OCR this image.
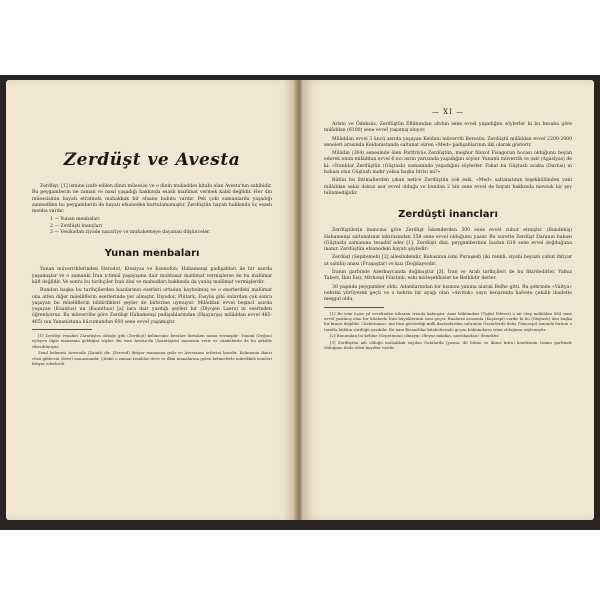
Zerdüşt ve Avesta

Zerdüşt, [1] ismine izafe edilen dinin müessisi ve o dinin mukaddes kitabı olan Avesta'nın sahibidir. Bu peygamberin ne zaman ve nasıl yaşadığı hakkında esaslı malûmat vermek kabil değildir. Her din müessisinin hayatı etrafında muhakkak bir efsane bulutu vardır. Pek çoki zamanlarda yaşadığı zannedilen bu peygamberin de hayatı efsaneden kurtulamamıştır. Zerdüştün hayatı hakkında üç esaslı menba vardır.

1 — Yunan menbaları
2 — Zerdüşti inançları
3 — Vesikadan ziyade nazariye ve muhakemeye dayanan düşünceler.
Yunan menbaları

Yunan müverrihlerinden Herodot, Ktesiyas ve Ksenofon; Hahamenşi padişahları ile bir asırda yaşamışlar ve o zamanki İran ictimaî yaşayışına dair muhtasar malûmat vermişlerse de bu malûmat kâfi değildir. Ve sonra bu tarihçiler İran dini ve mabudları hakkında da yanlış malûmat vermişlerdir.

Bundan başka bu tarihçilerden bazılarının eserleri ortadan kaybolmuş ve o eserlerdeki malûmat ona atfen diğer müelliflerin eserlerinde yer almıştır. Diyodor, Plütark, Fasyüs gibi onlardan çok sonra yaşayan bu müelliflerin bildirdikleri şeyler de birbirine uymuyor. Milâddan evvel beşinci asırda yaşayan (Ksantus) un (Ksanthus) [a] lara dair yazdığı şeyleri bir (Diyojen Laers) in eserinden öğreniyoruz. Bu müverrihe göre Zerdüşt Hahamenşi padişahlarından (Hşayarşa) milâddan evvel 485-465) nın Yunanistana hücumundan 600 sene evvel yaşamıştır.

[1] Zerdüşt veyahut Zaratüştra olduğu gibi (Zerdüşt) kelimesine beraber birtakım mana vermişdir: Yunani (Değon) eyleyen ilgisi manasına geldiğini söyler. Bu isim Avesta'da (Zaratüştra) manasını verir ve cümlelerde de bu şekilde zikredilmiştir.

Zend kelimesi Avestada (Zainti) dir. (Zerend) ihtiyar manasına gelir ve Avestanın tefsirini havidir. Kelimenin ikinci cüzü gibbesin (deve) manasınadır. Çünkü o zaman Iranlılar deve ve ilkin manalarına gelen kelimelerle mürekkeb isimleri ihtiyar ederlerdi.

— XI —

Aristo ve Ödoksüs, Zerdüştün Eflâtundan altıbin sene evvel yaşadığını söylerler ki bu hesaba göre milâddan (6100) sene evvel yaşamış oluyor.

Milâddan evvel 3 üncü asırda yaşayan Keldani müverrih Berosüs; Zerdüştü milâddan evvel 2200-2000 seneleri arasında Keldanistanda saltanat süren «Med» padişahlarının ilki olarak gösterir.

Milâdın (304) senesinde ölen Porfiriyüs Zerdüştün, meşhur filozof Fisagorun hocası olduğunu beyan ederek onun milâddan evvel 6 ncı asrın yarısında yaşadığını söyler. Yunanlı müverrih ve şair (Agasiyas) de ki: «İranlılar Zerdüştün (Güştasb) zamanında yaşadığını söylerler. Fakat bu Güştasb acaba (Darius) ın babası olan Güştasb mıdır yoksa başka birisi mi?»

Bütün bu ihtimallerden çıkan netice Zerdüştün çok eski, «Med» saltanatının teşekkülünden yani milâddan sekiz dokuz asır evvel olduğu ve bundan 2 bin sene evvel de hayatı hakkında mevsuk bir şey bilinmediğidir.

Zerdüşti inancları

Zerdüştilerin inancına göre Zerdüşt İskenderden 300 sene evvel zuhur etmiştir. (Bundehiş) Hahamenşi saltanatının inkırazından 258 sene evvel olduğunu yazar. Bu surette Zerdüşt Daranın babası (Güştasb) zamanına tesadüf eder [1]. Zerdüşti dini, peygamberinin İsadan 618 sene evvel doğduğuna inanır. Zerdüştün efsanedeki hayatı şöyledir:

Zerdüşt (Sepitemeh) [2] ailesindendir. Babasının ismi Puruşesb (iki renkli, siyahi beyazlı yahut ihtiyar at sahibi) anası (Fraşaştar) ve kızı (Doğdaye)dir.

İranın garbinde Azerbaycanda doğmuştur [3]. İran ve Arab tarihçileri de bu fikirdedirler. Yalnız Taberi, İbni Esir, Mirhond Filistinli, eski müteşebbisler ke Belhlidir derler.

30 yaşında peygamber oldu. Adamlarından bir kısmını yanına alarak Belhe gitti. Bu şehrinde «Vaitya» nehrini yürüyerek geçti ve o nehrin bir ayağı olan «Aivitak» suyu kenarında halvete çekilib ibadetle meşgul oldu.

[1] Bu isim üçün yıl evvelinden itibaren İranda kalmıştır. Asırı hükümdarı (Tiglat Pileser) a ait olup milâddan 884 sene evvel yazılmış olan bir kitabede İran büyüklerinin ismi geçer. Bunların arasında (Kuştaspi) vardır ki bu (Güştasb) dan başka bir kimse değildir. «Zafername» nin bize gösterdiği milli dastanlardan sahranur Gaznelerde daha (Vamsepi) isminde birinin o tarafta hükûm sürdüğü yazılıdır. Bu nam Bizanslılar kitabelerinde geçen hükümdarın isimi olduğunu söylemiştir.

[2] Bunundan bu kelime (Sepetiman) olmayıp «Beyaz nakdan, nasedandan» demektir.

[3] Zerdüştün adı olduğu muhakkak sayılan Gatalarda (yasna: 46 bitimi ve ikinci kıtra) kendisinin İranın garbinde olduğunu ifade eden kayıtlar vardır.
